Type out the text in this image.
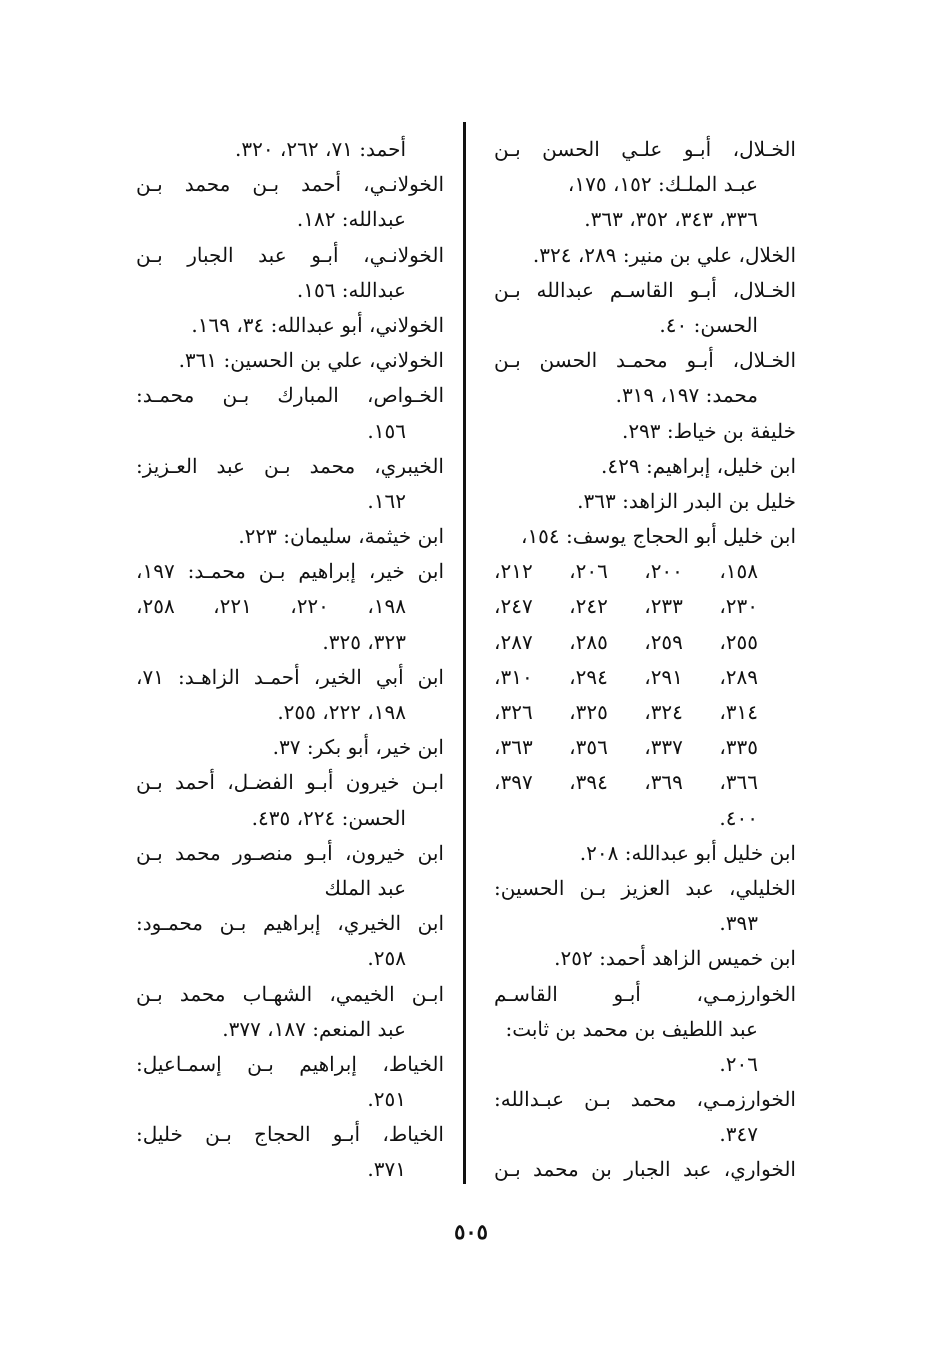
الخـلال، أبـو علـي الحسن بـن
عبـد الملـك: ١٥٢، ١٧٥،
٣٣٦، ٣٤٣، ٣٥٢، ٣٦٣.
الخلال، علي بن منير: ٢٨٩، ٣٢٤.
الخـلال، أبـو القاسـم عبدالله بـن
الحسن: ٤٠.
الخـلال، أبـو محمـد الحسن بـن
محمد: ١٩٧، ٣١٩.
خليفة بن خياط: ٢٩٣.
ابن خليل، إبراهيم: ٤٢٩.
خليل بن البدر الزاهد: ٣٦٣.
ابن خليل أبو الحجاج يوسف: ١٥٤،
١٥٨، ٢٠٠، ٢٠٦، ٢١٢،
٢٣٠، ٢٣٣، ٢٤٢، ٢٤٧،
٢٥٥، ٢٥٩، ٢٨٥، ٢٨٧،
٢٨٩، ٢٩١، ٢٩٤، ٣١٠،
٣١٤، ٣٢٤، ٣٢٥، ٣٢٦،
٣٣٥، ٣٣٧، ٣٥٦، ٣٦٣،
٣٦٦، ٣٦٩، ٣٩٤، ٣٩٧،
٤٠٠.
ابن خليل أبو عبدالله: ٢٠٨.
الخليلي، عبد العزيز بـن الحسين:
٣٩٣.
ابن خميس الزاهد أحمد: ٢٥٢.
الخوارزمـي، أبـو القاسـم
عبد اللطيف بن محمد بن ثابت:
٢٠٦.
الخوارزمـي، محمد بـن عبـدالله:
٣٤٧.
الخواري، عبد الجبار بن محمد بـن
أحمد: ٧١، ٢٦٢، ٣٢٠.
الخولانـي، أحمد بـن محمد بـن
عبدالله: ١٨٢.
الخولانـي، أبـو عبد الجبار بـن
عبدالله: ١٥٦.
الخولاني، أبو عبدالله: ٣٤، ١٦٩.
الخولاني، علي بن الحسين: ٣٦١.
الخـواص، المبارك بـن محمـد:
١٥٦.
الخيبري، محمد بـن عبد العـزيز:
١٦٢.
ابن خيثمة، سليمان: ٢٢٣.
ابن خير، إبراهيم بـن محمـد: ١٩٧،
١٩٨، ٢٢٠، ٢٢١، ٢٥٨،
٣٢٣، ٣٢٥.
ابن أبي الخير، أحمـد الزاهـد: ٧١،
١٩٨، ٢٢٢، ٢٥٥.
ابن خير، أبو بكر: ٣٧.
ابـن خيرون أبـو الفضـل، أحمد بـن
الحسن: ٢٢٤، ٤٣٥.
ابن خيرون، أبـو منصـور محمد بـن
عبد الملك
ابن الخيري، إبراهيم بـن محمـود:
٢٥٨.
ابـن الخيمي، الشهـاب محمد بـن
عبد المنعم: ١٨٧، ٣٧٧.
الخياط، إبراهيم بـن إسمـاعيل:
٢٥١.
الخياط، أبـو الحجاج بـن خليل:
٣٧١.
٥٠٥
